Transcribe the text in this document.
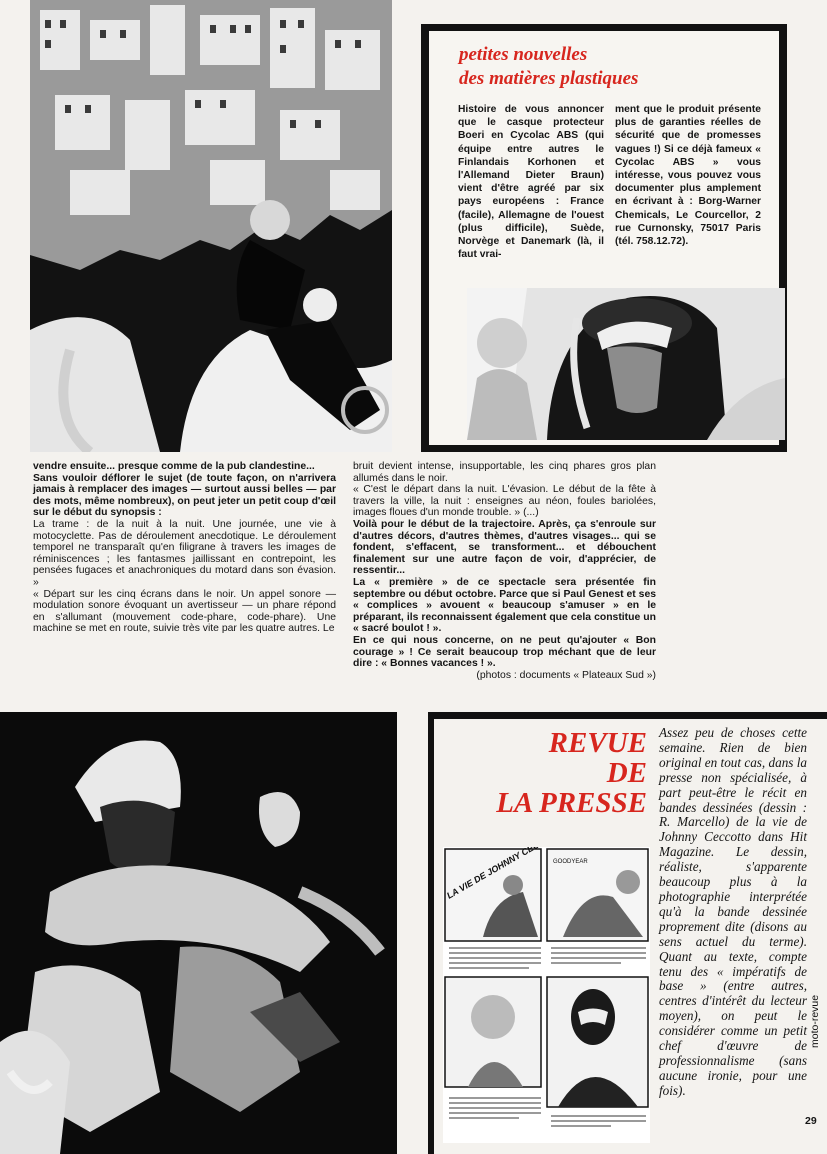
petites nouvelles
des matières plastiques
Histoire de vous annoncer que le casque protecteur Boeri en Cycolac ABS (qui équipe entre autres le Finlandais Korhonen et l'Allemand Dieter Braun) vient d'être agréé par six pays européens : France (facile), Allemagne de l'ouest (plus difficile), Suède, Norvège et Danemark (là, il faut vrai-
ment que le produit présente plus de garanties réelles de sécurité que de promesses vagues !) Si ce déjà fameux « Cycolac ABS » vous intéresse, vous pouvez vous documenter plus amplement en écrivant à : Borg-Warner Chemicals, Le Courcellor, 2 rue Curnonsky, 75017 Paris (tél. 758.12.72).

vendre ensuite... presque comme de la pub clandestine...

Sans vouloir déflorer le sujet (de toute façon, on n'arrivera jamais à remplacer des images — surtout aussi belles — par des mots, même nombreux), on peut jeter un petit coup d'œil sur le début du synopsis :

La trame : de la nuit à la nuit. Une journée, une vie à motocyclette. Pas de déroulement anecdotique. Le déroulement temporel ne transparaît qu'en filigrane à travers les images de réminiscences ; les fantasmes jaillissant en contrepoint, les pensées fugaces et anachroniques du motard dans son évasion. »

« Départ sur les cinq écrans dans le noir. Un appel sonore — modulation sonore évoquant un avertisseur — un phare répond en s'allumant (mouvement code-phare, code-phare). Une machine se met en route, suivie très vite par les quatre autres. Le

bruit devient intense, insupportable, les cinq phares gros plan allumés dans le noir.

« C'est le départ dans la nuit. L'évasion. Le début de la fête à travers la ville, la nuit : enseignes au néon, foules bariolées, images floues d'un monde trouble. » (...)

Voilà pour le début de la trajectoire. Après, ça s'enroule sur d'autres décors, d'autres thèmes, d'autres visages... qui se fondent, s'effacent, se transforment... et débouchent finalement sur une autre façon de voir, d'apprécier, de ressentir...

La « première » de ce spectacle sera présentée fin septembre ou début octobre. Parce que si Paul Genest et ses « complices » avouent « beaucoup s'amuser » en le préparant, ils reconnaissent également que cela constitue un « sacré boulot ! ».

En ce qui nous concerne, on ne peut qu'ajouter « Bon courage » ! Ce serait beaucoup trop méchant que de leur dire : « Bonnes vacances ! ».

(photos : documents « Plateaux Sud »)

REVUE
DE
LA PRESSE
Assez peu de choses cette semaine. Rien de bien original en tout cas, dans la presse non spécialisée, à part peut-être le récit en bandes dessinées (dessin : R. Marcello) de la vie de Johnny Ceccotto dans Hit Magazine. Le dessin, réaliste, s'apparente beaucoup plus à la photographie interprétée qu'à la bande dessinée proprement dite (disons au sens actuel du terme). Quant au texte, compte tenu des « impératifs de base » (entre autres, centres d'intérêt du lecteur moyen), on peut le considérer comme un petit chef d'œuvre de professionnalisme (sans aucune ironie, pour une fois).
LA VIE DE JOHNNY	GOODYEAR
moto-revue
29
